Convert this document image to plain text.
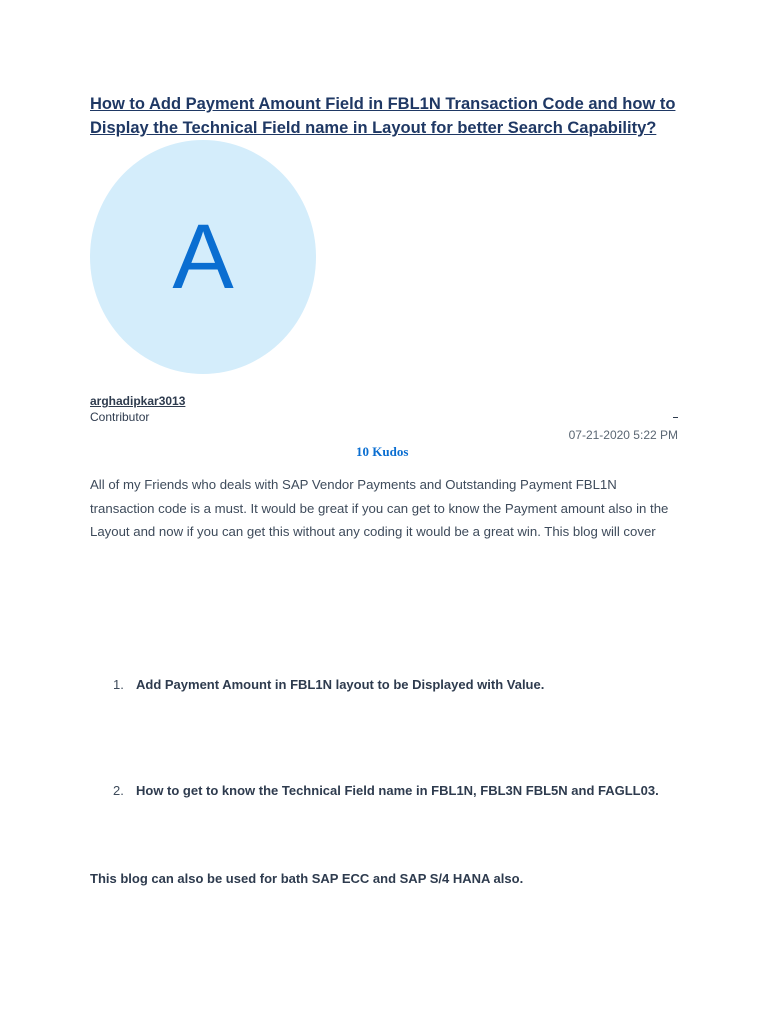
How to Add Payment Amount Field in FBL1N Transaction Code and how to Display the Technical Field name in Layout for better Search Capability?
A
arghadipkar3013
Contributor
07-21-2020 5:22 PM
10 Kudos

All of my Friends who deals with SAP Vendor Payments and Outstanding Payment FBL1N transaction code is a must. It would be great if you can get to know the Payment amount also in the Layout and now if you can get this without any coding it would be a great win. This blog will cover

1. Add Payment Amount in FBL1N layout to be Displayed with Value.
2. How to get to know the Technical Field name in FBL1N, FBL3N FBL5N and FAGLL03.
This blog can also be used for bath SAP ECC and SAP S/4 HANA also.
